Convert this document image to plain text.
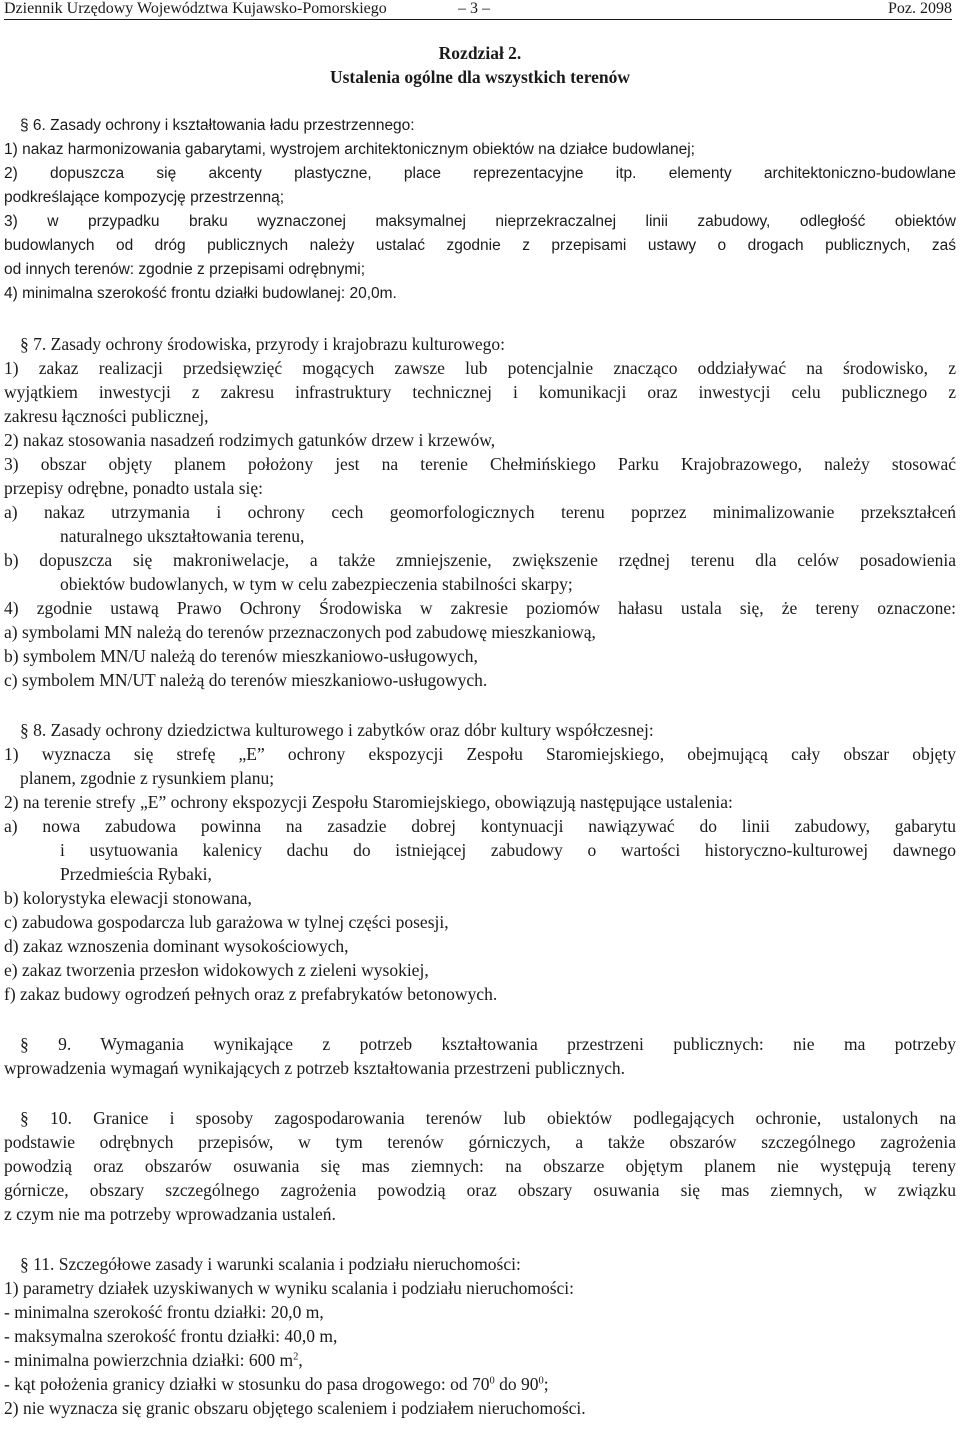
Dziennik Urzędowy Województwa Kujawsko-Pomorskiego	– 3 –	Poz. 2098
Rozdział 2.
Ustalenia ogólne dla wszystkich terenów
§ 6. Zasady ochrony i kształtowania ładu przestrzennego:
1) nakaz harmonizowania gabarytami, wystrojem architektonicznym obiektów na działce budowlanej;
2) dopuszcza się akcenty plastyczne, place reprezentacyjne itp. elementy architektoniczno-budowlane
podkreślające kompozycję przestrzenną;
3) w przypadku braku wyznaczonej maksymalnej nieprzekraczalnej linii zabudowy, odległość obiektów
budowlanych od dróg publicznych należy ustalać zgodnie z przepisami ustawy o drogach publicznych, zaś
od innych terenów: zgodnie z przepisami odrębnymi;
4) minimalna szerokość frontu działki budowlanej: 20,0m.
§ 7. Zasady ochrony środowiska, przyrody i krajobrazu kulturowego:
1) zakaz realizacji przedsięwzięć mogących zawsze lub potencjalnie znacząco oddziaływać na środowisko, z
wyjątkiem inwestycji z zakresu infrastruktury technicznej i komunikacji oraz inwestycji celu publicznego z
zakresu łączności publicznej,
2) nakaz stosowania nasadzeń rodzimych gatunków drzew i krzewów,
3) obszar objęty planem położony jest na terenie Chełmińskiego Parku Krajobrazowego, należy stosować
przepisy odrębne, ponadto ustala się:
a) nakaz utrzymania i ochrony cech geomorfologicznych terenu poprzez minimalizowanie przekształceń
naturalnego ukształtowania terenu,
b) dopuszcza się makroniwelacje, a także zmniejszenie, zwiększenie rzędnej terenu dla celów posadowienia
obiektów budowlanych, w tym w celu zabezpieczenia stabilności skarpy;
4) zgodnie ustawą Prawo Ochrony Środowiska w zakresie poziomów hałasu ustala się, że tereny oznaczone:
a) symbolami MN należą do terenów przeznaczonych pod zabudowę mieszkaniową,
b) symbolem MN/U należą do terenów mieszkaniowo-usługowych,
c) symbolem MN/UT należą do terenów mieszkaniowo-usługowych.
§ 8. Zasady ochrony dziedzictwa kulturowego i zabytków oraz dóbr kultury współczesnej:
1) wyznacza się strefę „E” ochrony ekspozycji Zespołu Staromiejskiego, obejmującą cały obszar objęty
planem, zgodnie z rysunkiem planu;
2) na terenie strefy „E” ochrony ekspozycji Zespołu Staromiejskiego, obowiązują następujące ustalenia:
a) nowa zabudowa powinna na zasadzie dobrej kontynuacji nawiązywać do linii zabudowy, gabarytu
i usytuowania kalenicy dachu do istniejącej zabudowy o wartości historyczno-kulturowej dawnego
Przedmieścia Rybaki,
b) kolorystyka elewacji stonowana,
c) zabudowa gospodarcza lub garażowa w tylnej części posesji,
d) zakaz wznoszenia dominant wysokościowych,
e) zakaz tworzenia przesłon widokowych z zieleni wysokiej,
f) zakaz budowy ogrodzeń pełnych oraz z prefabrykatów betonowych.
§ 9. Wymagania wynikające z potrzeb kształtowania przestrzeni publicznych: nie ma potrzeby
wprowadzenia wymagań wynikających z potrzeb kształtowania przestrzeni publicznych.
§ 10. Granice i sposoby zagospodarowania terenów lub obiektów podlegających ochronie, ustalonych na
podstawie odrębnych przepisów, w tym terenów górniczych, a także obszarów szczególnego zagrożenia
powodzią oraz obszarów osuwania się mas ziemnych: na obszarze objętym planem nie występują tereny
górnicze, obszary szczególnego zagrożenia powodzią oraz obszary osuwania się mas ziemnych, w związku
z czym nie ma potrzeby wprowadzania ustaleń.
§ 11. Szczegółowe zasady i warunki scalania i podziału nieruchomości:
1) parametry działek uzyskiwanych w wyniku scalania i podziału nieruchomości:
- minimalna szerokość frontu działki: 20,0 m,
- maksymalna szerokość frontu działki: 40,0 m,
- minimalna powierzchnia działki: 600 $m^2$,
- kąt położenia granicy działki w stosunku do pasa drogowego: od $70^0$ do $90^0$;
2) nie wyznacza się granic obszaru objętego scaleniem i podziałem nieruchomości.
